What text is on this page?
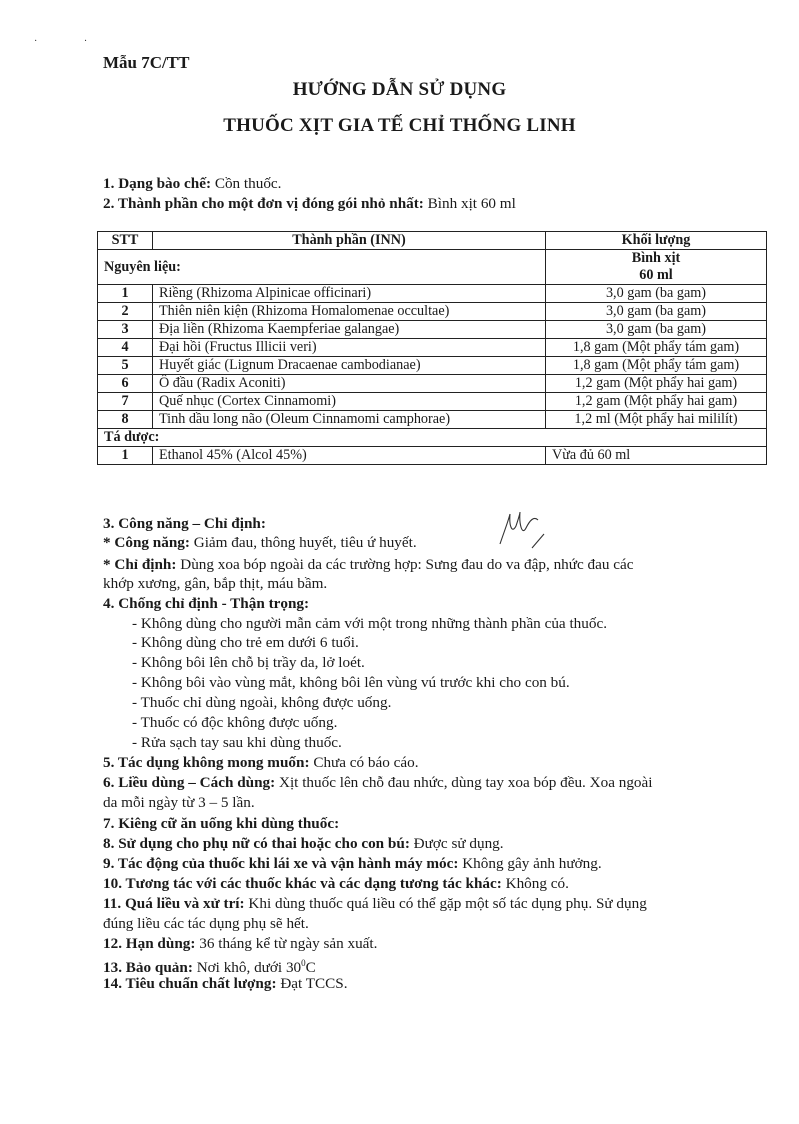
· ·
Mẫu 7C/TT
HƯỚNG DẪN SỬ DỤNG
THUỐC XỊT GIA TẾ CHỈ THỐNG LINH
1. Dạng bào chế: Cồn thuốc.
2. Thành phần cho một đơn vị đóng gói nhỏ nhất: Bình xịt 60 ml
STT	Thành phần (INN)	Khối lượng
Nguyên liệu:		Bình xịt
60 ml

1	Riềng (Rhizoma Alpinicae officinari)	3,0 gam (ba gam)
2	Thiên niên kiện (Rhizoma Homalomenae occultae)	3,0 gam (ba gam)
3	Địa liền (Rhizoma Kaempferiae galangae)	3,0 gam (ba gam)
4	Đại hồi (Fructus Illicii veri)	1,8 gam (Một phẩy tám gam)
5	Huyết giác (Lignum Dracaenae cambodianae)	1,8 gam (Một phẩy tám gam)
6	Ô đầu (Radix Aconiti)	1,2 gam (Một phẩy hai gam)
7	Quế nhục (Cortex Cinnamomi)	1,2 gam (Một phẩy hai gam)
8	Tinh dầu long não (Oleum Cinnamomi camphorae)	1,2 ml (Một phẩy hai mililít)
Tá dược:		
1	Ethanol 45% (Alcol 45%)	Vừa đủ 60 ml
3. Công năng – Chỉ định:
* Công năng: Giảm đau, thông huyết, tiêu ứ huyết.
* Chỉ định: Dùng xoa bóp ngoài da các trường hợp: Sưng đau do va đập, nhức đau các
khớp xương, gân, bắp thịt, máu bầm.
4. Chống chỉ định - Thận trọng:
- Không dùng cho người mẫn cảm với một trong những thành phần của thuốc.
- Không dùng cho trẻ em dưới 6 tuổi.
- Không bôi lên chỗ bị trầy da, lở loét.
- Không bôi vào vùng mắt, không bôi lên vùng vú trước khi cho con bú.
- Thuốc chỉ dùng ngoài, không được uống.
- Thuốc có độc không được uống.
- Rửa sạch tay sau khi dùng thuốc.
5. Tác dụng không mong muốn: Chưa có báo cáo.
6. Liều dùng – Cách dùng: Xịt thuốc lên chỗ đau nhức, dùng tay xoa bóp đều. Xoa ngoài
da mỗi ngày từ 3 – 5 lần.
7. Kiêng cữ ăn uống khi dùng thuốc:
8. Sử dụng cho phụ nữ có thai hoặc cho con bú: Được sử dụng.
9. Tác động của thuốc khi lái xe và vận hành máy móc: Không gây ảnh hưởng.
10. Tương tác với các thuốc khác và các dạng tương tác khác: Không có.
11. Quá liều và xử trí: Khi dùng thuốc quá liều có thể gặp một số tác dụng phụ. Sử dụng
đúng liều các tác dụng phụ sẽ hết.
12. Hạn dùng: 36 tháng kể từ ngày sản xuất.
13. Bảo quản: Nơi khô, dưới $30^0C$
14. Tiêu chuẩn chất lượng: Đạt TCCS.
